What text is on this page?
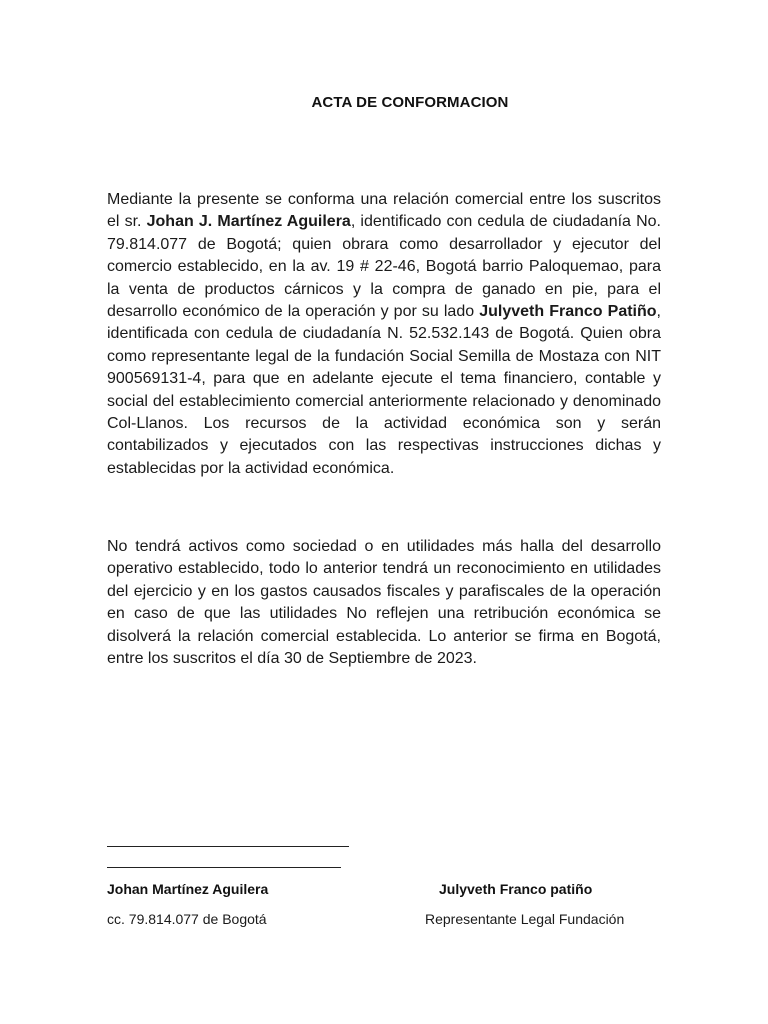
ACTA DE CONFORMACION
Mediante la presente se conforma una relación comercial entre los suscritos el sr. Johan J. Martínez Aguilera, identificado con cedula de ciudadanía No. 79.814.077 de Bogotá; quien obrara como desarrollador y ejecutor del comercio establecido, en la av. 19 # 22-46, Bogotá barrio Paloquemao, para la venta de productos cárnicos y la compra de ganado en pie, para el desarrollo económico de la operación y por su lado Julyveth Franco Patiño, identificada con cedula de ciudadanía N. 52.532.143 de Bogotá. Quien obra como representante legal de la fundación Social Semilla de Mostaza con NIT 900569131-4, para que en adelante ejecute el tema financiero, contable y social del establecimiento comercial anteriormente relacionado y denominado Col-Llanos. Los recursos de la actividad económica son y serán contabilizados y ejecutados con las respectivas instrucciones dichas y establecidas por la actividad económica.
No tendrá activos como sociedad o en utilidades más halla del desarrollo operativo establecido, todo lo anterior tendrá un reconocimiento en utilidades del ejercicio y en los gastos causados fiscales y parafiscales de la operación en caso de que las utilidades No reflejen una retribución económica se disolverá la relación comercial establecida. Lo anterior se firma en Bogotá, entre los suscritos el día 30 de Septiembre de 2023.
Johan Martínez Aguilera	Julyveth Franco patiño
cc. 79.814.077 de Bogotá	Representante Legal Fundación
